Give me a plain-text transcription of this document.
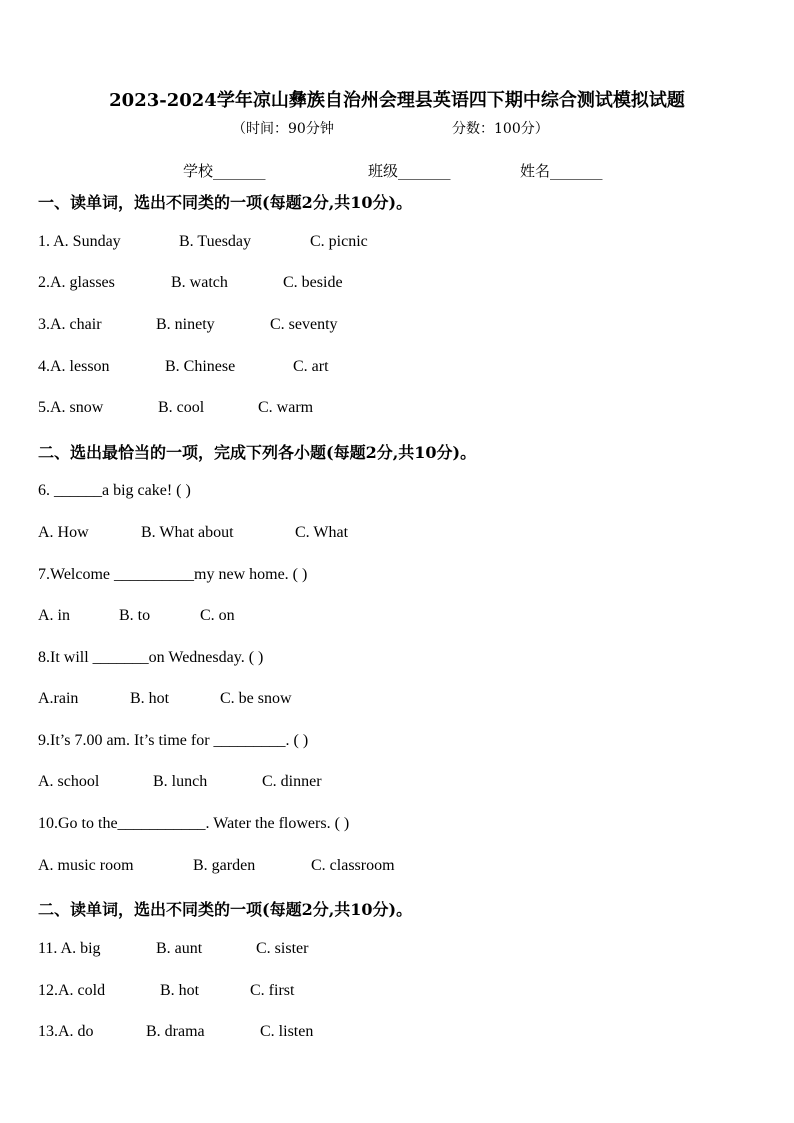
2023-2024学年凉山彝族自治州会理县英语四下期中综合测试模拟试题
（时间：90分钟	分数：100分）
学校_______	班级_______	姓名_______
一、读单词，选出不同类的一项(每题2分,共10分)。
1. A. Sunday	B. Tuesday	C. picnic
2.A. glasses	B. watch	C. beside
3.A. chair	B. ninety	C. seventy
4.A. lesson	B. Chinese	C. art
5.A. snow	B. cool	C. warm
二、选出最恰当的一项，完成下列各小题(每题2分,共10分)。
6. ______a big cake! ( )
A. How	B. What about	C. What
7.Welcome __________my new home. ( )
A. in	B. to	C. on
8.It will _______on Wednesday. ( )
A.rain	B. hot	C. be snow
9.It’s 7.00 am. It’s time for _________. ( )
A. school	B. lunch	C. dinner
10.Go to the___________. Water the flowers. ( )
A. music room	B. garden	C. classroom
二、读单词，选出不同类的一项(每题2分,共10分)。
11. A. big	B. aunt	C. sister
12.A. cold	B. hot	C. first
13.A. do	B. drama	C. listen
